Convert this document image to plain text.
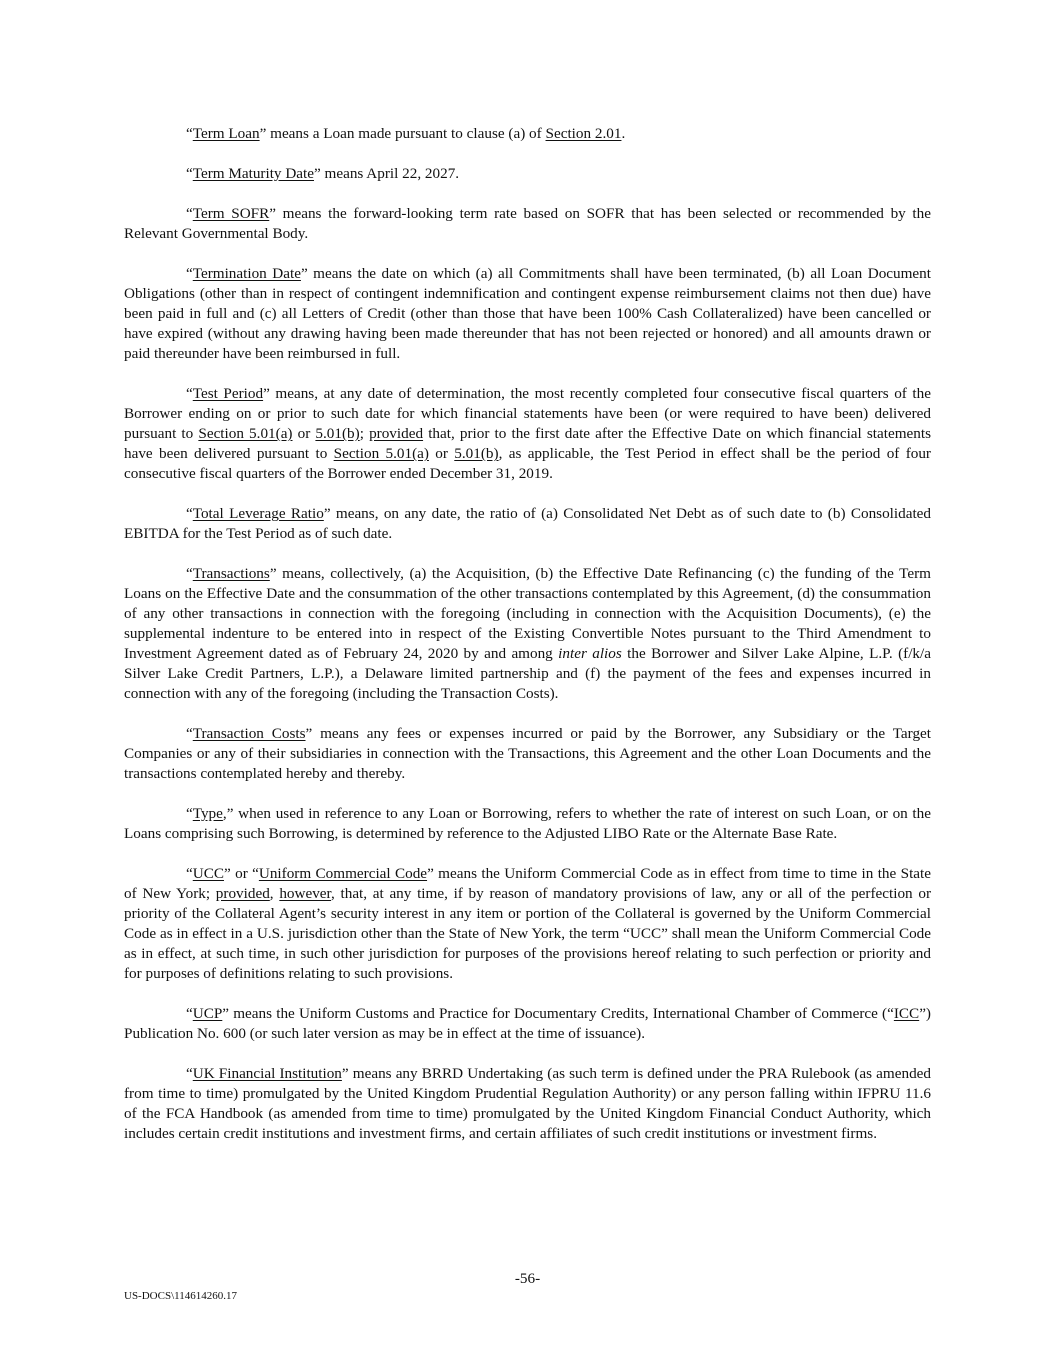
“Term Loan” means a Loan made pursuant to clause (a) of Section 2.01.

“Term Maturity Date” means April 22, 2027.

“Term SOFR” means the forward-looking term rate based on SOFR that has been selected or recommended by the Relevant Governmental Body.

“Termination Date” means the date on which (a) all Commitments shall have been terminated, (b) all Loan Document Obligations (other than in respect of contingent indemnification and contingent expense reimbursement claims not then due) have been paid in full and (c) all Letters of Credit (other than those that have been 100% Cash Collateralized) have been cancelled or have expired (without any drawing having been made thereunder that has not been rejected or honored) and all amounts drawn or paid thereunder have been reimbursed in full.

“Test Period” means, at any date of determination, the most recently completed four consecutive fiscal quarters of the Borrower ending on or prior to such date for which financial statements have been (or were required to have been) delivered pursuant to Section 5.01(a) or 5.01(b); provided that, prior to the first date after the Effective Date on which financial statements have been delivered pursuant to Section 5.01(a) or 5.01(b), as applicable, the Test Period in effect shall be the period of four consecutive fiscal quarters of the Borrower ended December 31, 2019.

“Total Leverage Ratio” means, on any date, the ratio of (a) Consolidated Net Debt as of such date to (b) Consolidated EBITDA for the Test Period as of such date.

“Transactions” means, collectively, (a) the Acquisition, (b) the Effective Date Refinancing (c) the funding of the Term Loans on the Effective Date and the consummation of the other transactions contemplated by this Agreement, (d) the consummation of any other transactions in connection with the foregoing (including in connection with the Acquisition Documents), (e) the supplemental indenture to be entered into in respect of the Existing Convertible Notes pursuant to the Third Amendment to Investment Agreement dated as of February 24, 2020 by and among inter alios the Borrower and Silver Lake Alpine, L.P. (f/k/a Silver Lake Credit Partners, L.P.), a Delaware limited partnership and (f) the payment of the fees and expenses incurred in connection with any of the foregoing (including the Transaction Costs).

“Transaction Costs” means any fees or expenses incurred or paid by the Borrower, any Subsidiary or the Target Companies or any of their subsidiaries in connection with the Transactions, this Agreement and the other Loan Documents and the transactions contemplated hereby and thereby.

“Type,” when used in reference to any Loan or Borrowing, refers to whether the rate of interest on such Loan, or on the Loans comprising such Borrowing, is determined by reference to the Adjusted LIBO Rate or the Alternate Base Rate.

“UCC” or “Uniform Commercial Code” means the Uniform Commercial Code as in effect from time to time in the State of New York; provided, however, that, at any time, if by reason of mandatory provisions of law, any or all of the perfection or priority of the Collateral Agent’s security interest in any item or portion of the Collateral is governed by the Uniform Commercial Code as in effect in a U.S. jurisdiction other than the State of New York, the term “UCC” shall mean the Uniform Commercial Code as in effect, at such time, in such other jurisdiction for purposes of the provisions hereof relating to such perfection or priority and for purposes of definitions relating to such provisions.

“UCP” means the Uniform Customs and Practice for Documentary Credits, International Chamber of Commerce (“ICC”) Publication No. 600 (or such later version as may be in effect at the time of issuance).

“UK Financial Institution” means any BRRD Undertaking (as such term is defined under the PRA Rulebook (as amended from time to time) promulgated by the United Kingdom Prudential Regulation Authority) or any person falling within IFPRU 11.6 of the FCA Handbook (as amended from time to time) promulgated by the United Kingdom Financial Conduct Authority, which includes certain credit institutions and investment firms, and certain affiliates of such credit institutions or investment firms.

-56-
US-DOCS\114614260.17
